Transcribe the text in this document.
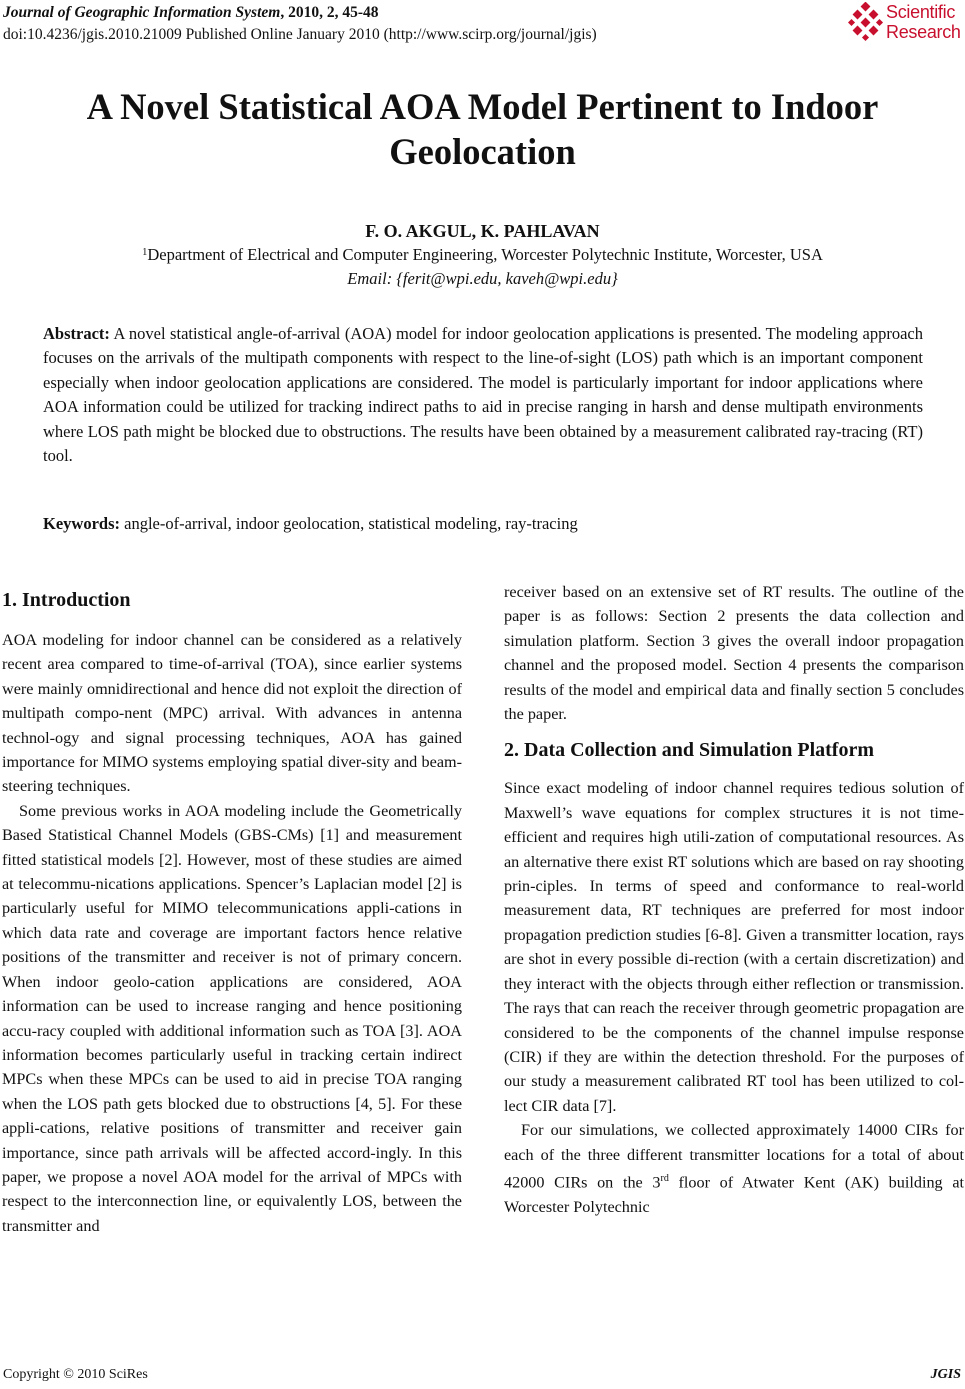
Journal of Geographic Information System, 2010, 2, 45-48
doi:10.4236/jgis.2010.21009 Published Online January 2010 (http://www.scirp.org/journal/jgis)
Scientific
Research
A Novel Statistical AOA Model Pertinent to Indoor
Geolocation
F. O. AKGUL, K. PAHLAVAN
$^1$Department of Electrical and Computer Engineering, Worcester Polytechnic Institute, Worcester, USA
Email: {ferit@wpi.edu, kaveh@wpi.edu}
Abstract: A novel statistical angle-of-arrival (AOA) model for indoor geolocation applications is presented. The modeling approach focuses on the arrivals of the multipath components with respect to the line-of-sight (LOS) path which is an important component especially when indoor geolocation applications are considered. The model is particularly important for indoor applications where AOA information could be utilized for tracking indirect paths to aid in precise ranging in harsh and dense multipath environments where LOS path might be blocked due to obstructions. The results have been obtained by a measurement calibrated ray-tracing (RT) tool.
Keywords: angle-of-arrival, indoor geolocation, statistical modeling, ray-tracing
1. Introduction

AOA modeling for indoor channel can be considered as a relatively recent area compared to time-of-arrival (TOA), since earlier systems were mainly omnidirectional and hence did not exploit the direction of multipath compo-nent (MPC) arrival. With advances in antenna technol-ogy and signal processing techniques, AOA has gained importance for MIMO systems employing spatial diver-sity and beam-steering techniques.

Some previous works in AOA modeling include the Geometrically Based Statistical Channel Models (GBS-CMs) [1] and measurement fitted statistical models [2]. However, most of these studies are aimed at telecommu-nications applications. Spencer’s Laplacian model [2] is particularly useful for MIMO telecommunications appli-cations in which data rate and coverage are important factors hence relative positions of the transmitter and receiver is not of primary concern. When indoor geolo-cation applications are considered, AOA information can be used to increase ranging and hence positioning accu-racy coupled with additional information such as TOA [3]. AOA information becomes particularly useful in tracking certain indirect MPCs when these MPCs can be used to aid in precise TOA ranging when the LOS path gets blocked due to obstructions [4, 5]. For these appli-cations, relative positions of transmitter and receiver gain importance, since path arrivals will be affected accord-ingly. In this paper, we propose a novel AOA model for the arrival of MPCs with respect to the interconnection line, or equivalently LOS, between the transmitter and

receiver based on an extensive set of RT results. The outline of the paper is as follows: Section 2 presents the data collection and simulation platform. Section 3 gives the overall indoor propagation channel and the proposed model. Section 4 presents the comparison results of the model and empirical data and finally section 5 concludes the paper.

2. Data Collection and Simulation Platform

Since exact modeling of indoor channel requires tedious solution of Maxwell’s wave equations for complex structures it is not time-efficient and requires high utili-zation of computational resources. As an alternative there exist RT solutions which are based on ray shooting prin-ciples. In terms of speed and conformance to real-world measurement data, RT techniques are preferred for most indoor propagation prediction studies [6-8]. Given a transmitter location, rays are shot in every possible di-rection (with a certain discretization) and they interact with the objects through either reflection or transmission. The rays that can reach the receiver through geometric propagation are considered to be the components of the channel impulse response (CIR) if they are within the detection threshold. For the purposes of our study a measurement calibrated RT tool has been utilized to col-lect CIR data [7].

For our simulations, we collected approximately 14000 CIRs for each of the three different transmitter locations for a total of about 42000 CIRs on the 3rd floor of Atwater Kent (AK) building at Worcester Polytechnic

Copyright © 2010 SciRes	JGIS
